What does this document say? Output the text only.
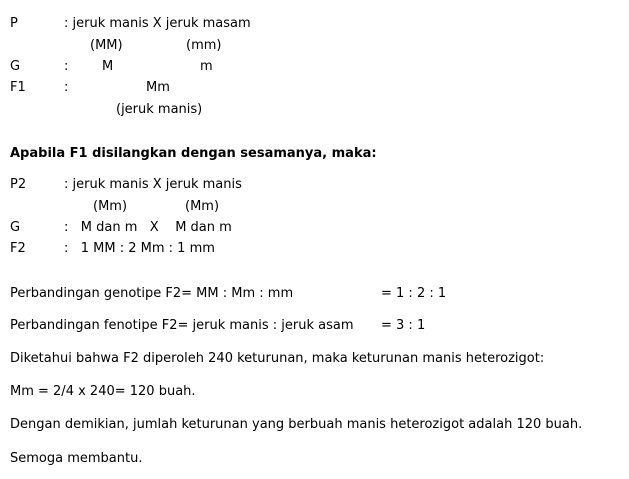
P	: jeruk manis X jeruk masam
(MM)	(mm)
G	:	M	m
F1	:	Mm
(jeruk manis)
Apabila F1 disilangkan dengan sesamanya, maka:
P2	: jeruk manis X jeruk manis
(Mm)	(Mm)
G	:   M dan m   X    M dan m
F2	:   1 MM : 2 Mm : 1 mm
Perbandingan genotipe F2= MM : Mm : mm	= 1 : 2 : 1
Perbandingan fenotipe F2= jeruk manis : jeruk asam = 3 : 1
Diketahui bahwa F2 diperoleh 240 keturunan, maka keturunan manis heterozigot:
Mm = 2/4 x 240= 120 buah.
Dengan demikian, jumlah keturunan yang berbuah manis heterozigot adalah 120 buah.
Semoga membantu.
